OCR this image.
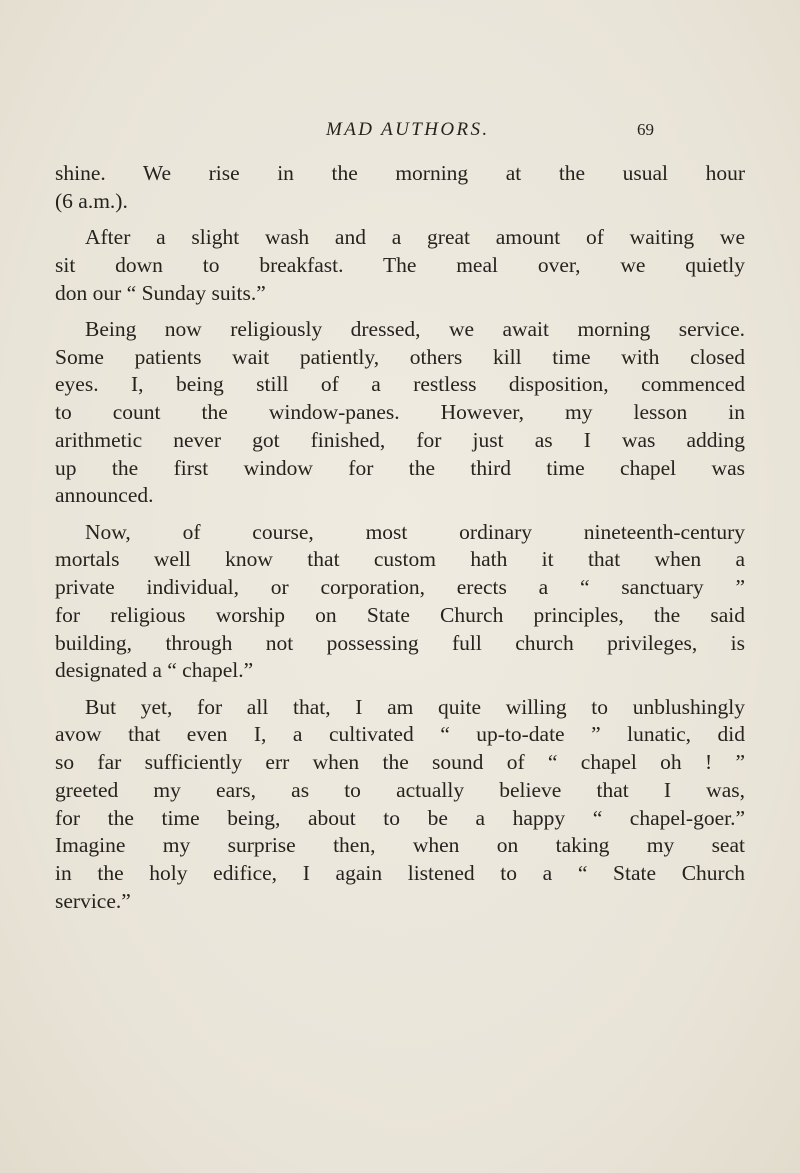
MAD AUTHORS.	69
shine. We rise in the morning at the usual hour
(6 a.m.).
After a slight wash and a great amount of waiting we
sit down to breakfast. The meal over, we quietly
don our “ Sunday suits.”
Being now religiously dressed, we await morning service.
Some patients wait patiently, others kill time with closed
eyes. I, being still of a restless disposition, commenced
to count the window-panes. However, my lesson in
arithmetic never got finished, for just as I was adding
up the first window for the third time chapel was
announced.
Now, of course, most ordinary nineteenth-century
mortals well know that custom hath it that when a
private individual, or corporation, erects a “ sanctuary ”
for religious worship on State Church principles, the said
building, through not possessing full church privileges, is
designated a “ chapel.”
But yet, for all that, I am quite willing to unblushingly
avow that even I, a cultivated “ up-to-date ” lunatic, did
so far sufficiently err when the sound of “ chapel oh ! ”
greeted my ears, as to actually believe that I was,
for the time being, about to be a happy “ chapel-goer.”
Imagine my surprise then, when on taking my seat
in the holy edifice, I again listened to a “ State Church
service.”
